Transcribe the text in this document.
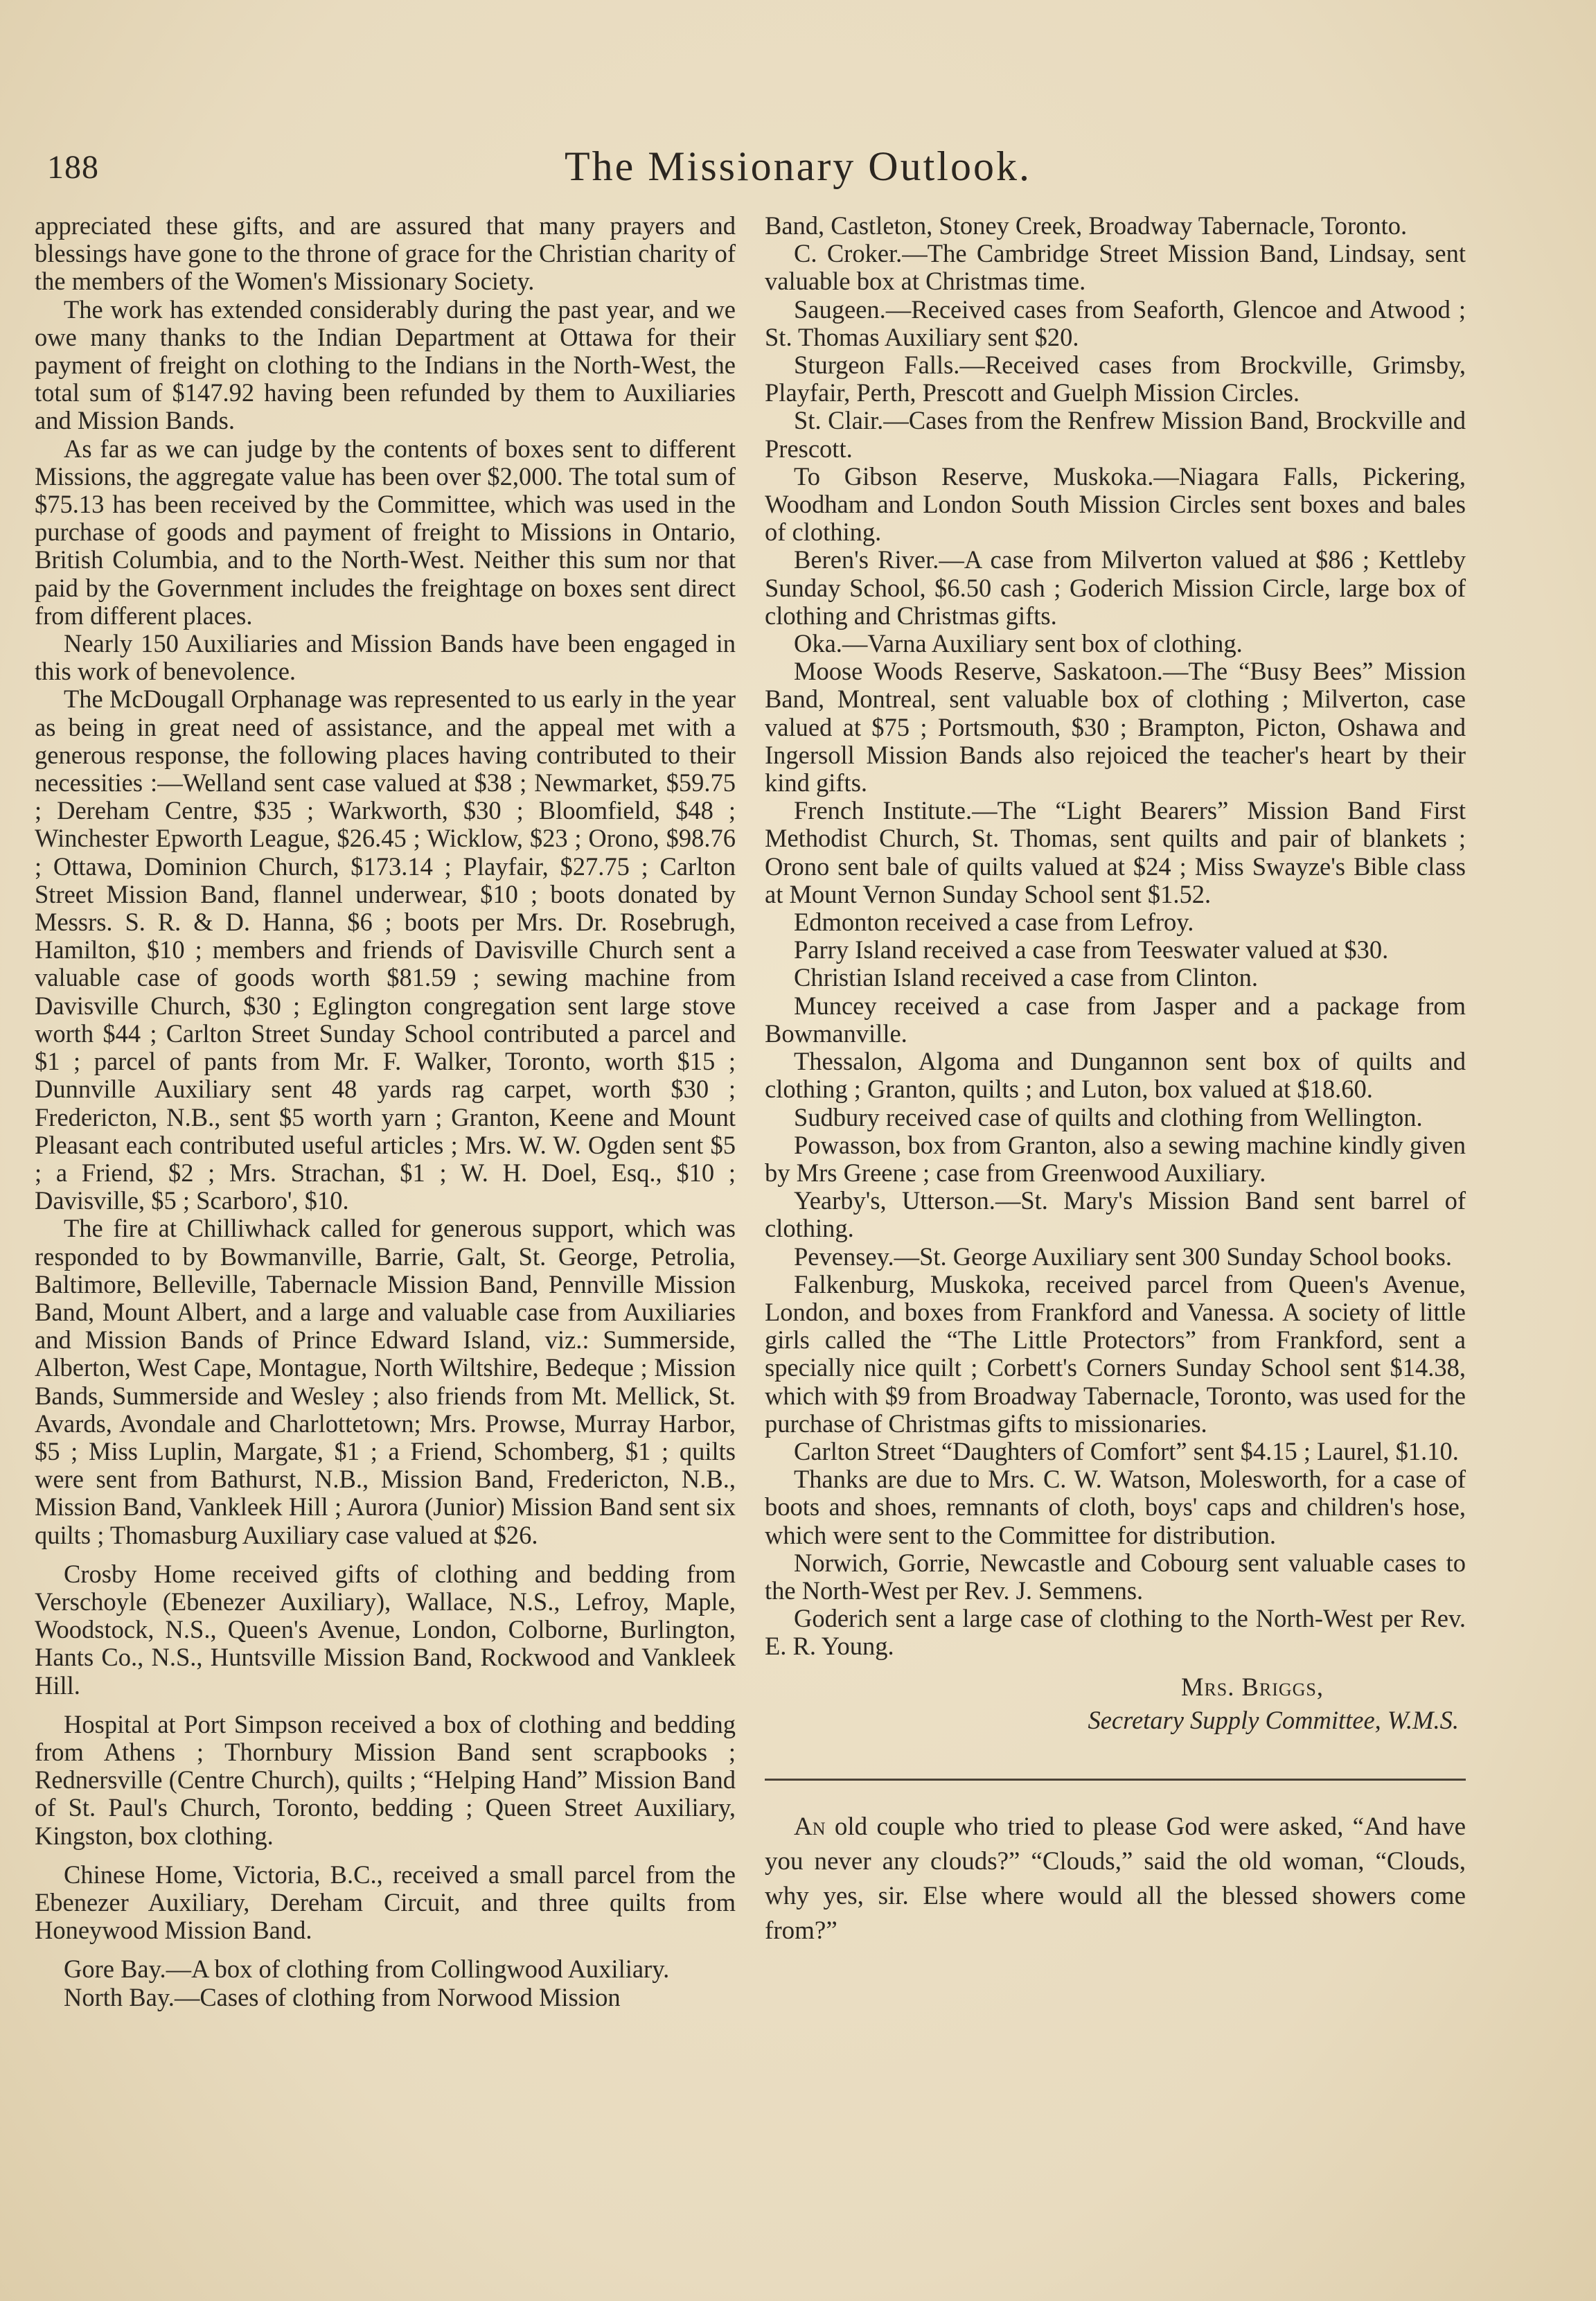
188	The Missionary Outlook.

appreciated these gifts, and are assured that many prayers and blessings have gone to the throne of grace for the Christian charity of the members of the Women's Missionary Society.

The work has extended considerably during the past year, and we owe many thanks to the Indian Department at Ottawa for their payment of freight on clothing to the Indians in the North-West, the total sum of $147.92 having been refunded by them to Auxiliaries and Mission Bands.

As far as we can judge by the contents of boxes sent to different Missions, the aggregate value has been over $2,000. The total sum of $75.13 has been received by the Committee, which was used in the purchase of goods and payment of freight to Missions in Ontario, British Columbia, and to the North-West. Neither this sum nor that paid by the Government includes the freightage on boxes sent direct from different places.

Nearly 150 Auxiliaries and Mission Bands have been engaged in this work of benevolence.

The McDougall Orphanage was represented to us early in the year as being in great need of assistance, and the appeal met with a generous response, the following places having contributed to their necessities :—Welland sent case valued at $38 ; Newmarket, $59.75 ; Dereham Centre, $35 ; Warkworth, $30 ; Bloomfield, $48 ; Winchester Epworth League, $26.45 ; Wicklow, $23 ; Orono, $98.76 ; Ottawa, Dominion Church, $173.14 ; Playfair, $27.75 ; Carlton Street Mission Band, flannel underwear, $10 ; boots donated by Messrs. S. R. & D. Hanna, $6 ; boots per Mrs. Dr. Rosebrugh, Hamilton, $10 ; members and friends of Davisville Church sent a valuable case of goods worth $81.59 ; sewing machine from Davisville Church, $30 ; Eglington congregation sent large stove worth $44 ; Carlton Street Sunday School contributed a parcel and $1 ; parcel of pants from Mr. F. Walker, Toronto, worth $15 ; Dunnville Auxiliary sent 48 yards rag carpet, worth $30 ; Fredericton, N.B., sent $5 worth yarn ; Granton, Keene and Mount Pleasant each contributed useful articles ; Mrs. W. W. Ogden sent $5 ; a Friend, $2 ; Mrs. Strachan, $1 ; W. H. Doel, Esq., $10 ; Davisville, $5 ; Scarboro', $10.

The fire at Chilliwhack called for generous support, which was responded to by Bowmanville, Barrie, Galt, St. George, Petrolia, Baltimore, Belleville, Tabernacle Mission Band, Pennville Mission Band, Mount Albert, and a large and valuable case from Auxiliaries and Mission Bands of Prince Edward Island, viz.: Summerside, Alberton, West Cape, Montague, North Wiltshire, Bedeque ; Mission Bands, Summerside and Wesley ; also friends from Mt. Mellick, St. Avards, Avondale and Charlottetown; Mrs. Prowse, Murray Harbor, $5 ; Miss Luplin, Margate, $1 ; a Friend, Schomberg, $1 ; quilts were sent from Bathurst, N.B., Mission Band, Fredericton, N.B., Mission Band, Vankleek Hill ; Aurora (Junior) Mission Band sent six quilts ; Thomasburg Auxiliary case valued at $26.

Crosby Home received gifts of clothing and bedding from Verschoyle (Ebenezer Auxiliary), Wallace, N.S., Lefroy, Maple, Woodstock, N.S., Queen's Avenue, London, Colborne, Burlington, Hants Co., N.S., Huntsville Mission Band, Rockwood and Vankleek Hill.

Hospital at Port Simpson received a box of clothing and bedding from Athens ; Thornbury Mission Band sent scrapbooks ; Rednersville (Centre Church), quilts ; “Helping Hand” Mission Band of St. Paul's Church, Toronto, bedding ; Queen Street Auxiliary, Kingston, box clothing.

Chinese Home, Victoria, B.C., received a small parcel from the Ebenezer Auxiliary, Dereham Circuit, and three quilts from Honeywood Mission Band.

Gore Bay.—A box of clothing from Collingwood Auxiliary.

North Bay.—Cases of clothing from Norwood Mission

Band, Castleton, Stoney Creek, Broadway Tabernacle, Toronto.

C. Croker.—The Cambridge Street Mission Band, Lindsay, sent valuable box at Christmas time.

Saugeen.—Received cases from Seaforth, Glencoe and Atwood ; St. Thomas Auxiliary sent $20.

Sturgeon Falls.—Received cases from Brockville, Grimsby, Playfair, Perth, Prescott and Guelph Mission Circles.

St. Clair.—Cases from the Renfrew Mission Band, Brockville and Prescott.

To Gibson Reserve, Muskoka.—Niagara Falls, Pickering, Woodham and London South Mission Circles sent boxes and bales of clothing.

Beren's River.—A case from Milverton valued at $86 ; Kettleby Sunday School, $6.50 cash ; Goderich Mission Circle, large box of clothing and Christmas gifts.

Oka.—Varna Auxiliary sent box of clothing.

Moose Woods Reserve, Saskatoon.—The “Busy Bees” Mission Band, Montreal, sent valuable box of clothing ; Milverton, case valued at $75 ; Portsmouth, $30 ; Brampton, Picton, Oshawa and Ingersoll Mission Bands also rejoiced the teacher's heart by their kind gifts.

French Institute.—The “Light Bearers” Mission Band First Methodist Church, St. Thomas, sent quilts and pair of blankets ; Orono sent bale of quilts valued at $24 ; Miss Swayze's Bible class at Mount Vernon Sunday School sent $1.52.

Edmonton received a case from Lefroy.

Parry Island received a case from Teeswater valued at $30.

Christian Island received a case from Clinton.

Muncey received a case from Jasper and a package from Bowmanville.

Thessalon, Algoma and Dungannon sent box of quilts and clothing ; Granton, quilts ; and Luton, box valued at $18.60.

Sudbury received case of quilts and clothing from Wellington.

Powasson, box from Granton, also a sewing machine kindly given by Mrs Greene ; case from Greenwood Auxiliary.

Yearby's, Utterson.—St. Mary's Mission Band sent barrel of clothing.

Pevensey.—St. George Auxiliary sent 300 Sunday School books.

Falkenburg, Muskoka, received parcel from Queen's Avenue, London, and boxes from Frankford and Vanessa. A society of little girls called the “The Little Protectors” from Frankford, sent a specially nice quilt ; Corbett's Corners Sunday School sent $14.38, which with $9 from Broadway Tabernacle, Toronto, was used for the purchase of Christmas gifts to missionaries.

Carlton Street “Daughters of Comfort” sent $4.15 ; Laurel, $1.10.

Thanks are due to Mrs. C. W. Watson, Molesworth, for a case of boots and shoes, remnants of cloth, boys' caps and children's hose, which were sent to the Committee for distribution.

Norwich, Gorrie, Newcastle and Cobourg sent valuable cases to the North-West per Rev. J. Semmens.

Goderich sent a large case of clothing to the North-West per Rev. E. R. Young.

Mrs. Briggs,
Secretary Supply Committee, W.M.S.

An old couple who tried to please God were asked, “And have you never any clouds?” “Clouds,” said the old woman, “Clouds, why yes, sir. Else where would all the blessed showers come from?”
